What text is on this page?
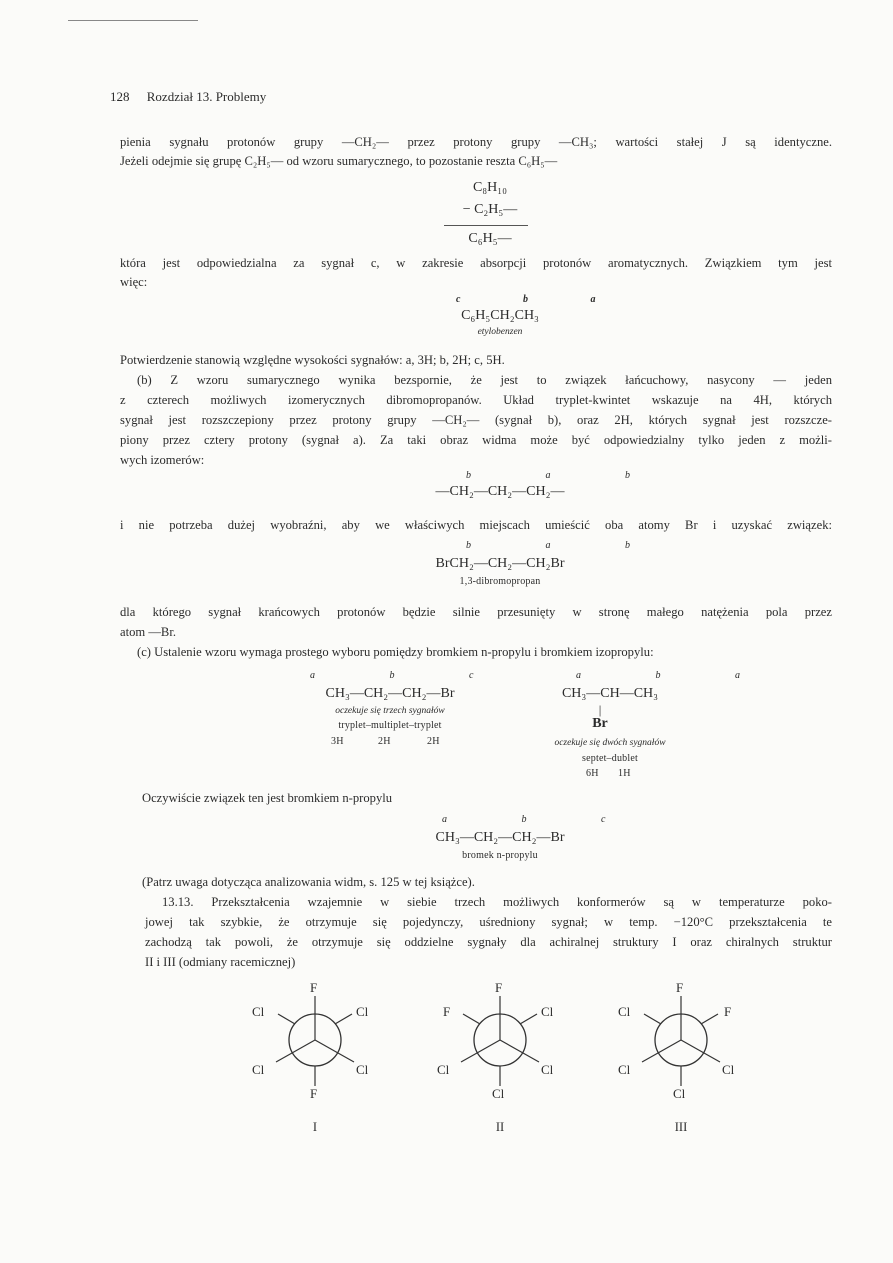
128 Rozdział 13. Problemy

pienia sygnału protonów grupy —CH₂— przez protony grupy —CH₃; wartości stałej J są identyczne.

Jeżeli odejmie się grupę C₂H₅— od wzoru sumarycznego, to pozostanie reszta C₆H₅—

C₈H₁₀
− C₂H₅—
C₆H₅—

która jest odpowiedzialna za sygnał c, w zakresie absorpcji protonów aromatycznych. Związkiem tym jest

więc:

c b a
C₆H₅CH₂CH₃
etylobenzen

Potwierdzenie stanowią względne wysokości sygnałów: a, 3H; b, 2H; c, 5H.

(b) Z wzoru sumarycznego wynika bezspornie, że jest to związek łańcuchowy, nasycony — jeden

z czterech możliwych izomerycznych dibromopropanów. Układ tryplet-kwintet wskazuje na 4H, których

sygnał jest rozszczepiony przez protony grupy —CH₂— (sygnał b), oraz 2H, których sygnał jest rozszcze-

piony przez cztery protony (sygnał a). Za taki obraz widma może być odpowiedzialny tylko jeden z możli-

wych izomerów:

b a b
—CH₂—CH₂—CH₂—

i nie potrzeba dużej wyobraźni, aby we właściwych miejscach umieścić oba atomy Br i uzyskać związek:

b a b
BrCH₂—CH₂—CH₂Br
1,3-dibromopropan

dla którego sygnał krańcowych protonów będzie silnie przesunięty w stronę małego natężenia pola przez

atom —Br.

(c) Ustalenie wzoru wymaga prostego wyboru pomiędzy bromkiem n-propylu i bromkiem izopropylu:

a b c
CH₃—CH₂—CH₂—Br
oczekuje się trzech sygnałów
tryplet–multiplet–tryplet
3H	2H	2H
a b a
CH₃—CH—CH₃
|
Br
oczekuje się dwóch sygnałów
septet–dublet
6H 1H

Oczywiście związek ten jest bromkiem n-propylu

a b c
CH₃—CH₂—CH₂—Br
bromek n-propylu

(Patrz uwaga dotycząca analizowania widm, s. 125 w tej książce).

13.13. Przekształcenia wzajemnie w siebie trzech możliwych konformerów są w temperaturze poko-

jowej tak szybkie, że otrzymuje się pojedynczy, uśredniony sygnał; w temp. −120°C przekształcenia te

zachodzą tak powoli, że otrzymuje się oddzielne sygnały dla achiralnej struktury I oraz chiralnych struktur

II i III (odmiany racemicznej)

F
Cl	Cl
Cl	Cl
F
I
F
F	Cl
Cl	Cl
Cl
II
F
Cl	F
Cl	Cl
Cl
III
